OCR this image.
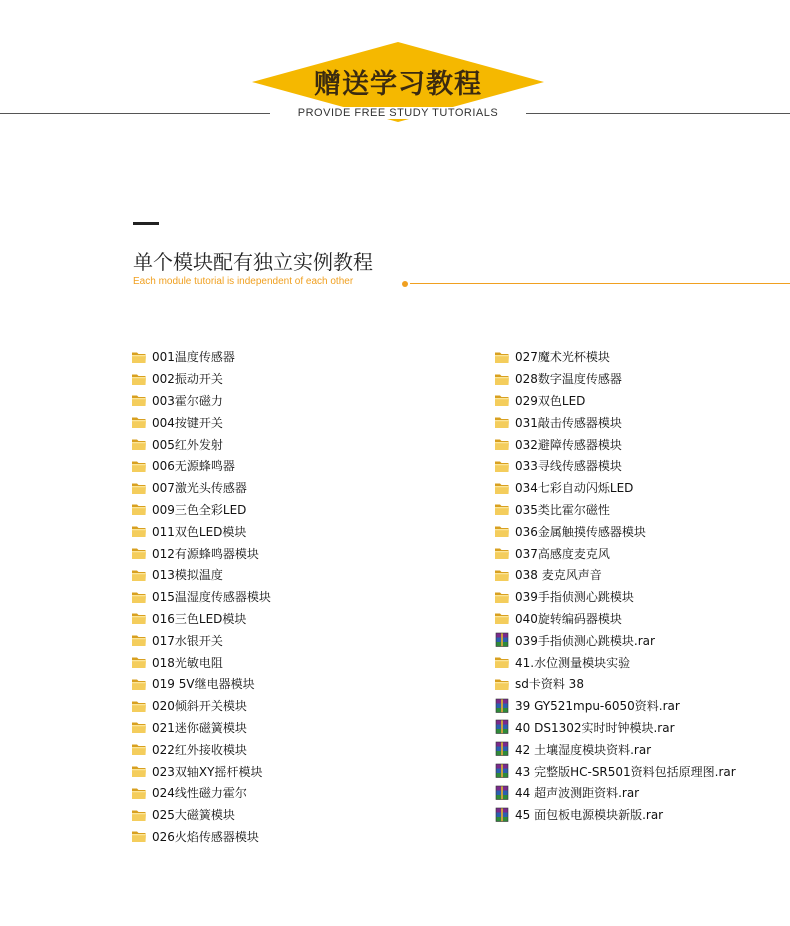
赠送学习教程
PROVIDE FREE STUDY TUTORIALS
单个模块配有独立实例教程
Each module tutorial is independent of each other
001温度传感器
002振动开关
003霍尔磁力
004按键开关
005红外发射
006无源蜂鸣器
007激光头传感器
009三色全彩LED
011双色LED模块
012有源蜂鸣器模块
013模拟温度
015温湿度传感器模块
016三色LED模块
017水银开关
018光敏电阻
019 5V继电器模块
020倾斜开关模块
021迷你磁簧模块
022红外接收模块
023双轴XY摇杆模块
024线性磁力霍尔
025大磁簧模块
026火焰传感器模块
027魔术光杯模块
028数字温度传感器
029双色LED
031敲击传感器模块
032避障传感器模块
033寻线传感器模块
034七彩自动闪烁LED
035类比霍尔磁性
036金属触摸传感器模块
037高感度麦克风
038 麦克风声音
039手指侦测心跳模块
040旋转编码器模块
039手指侦测心跳模块.rar
41.水位测量模块实验
sd卡资料 38
39 GY521mpu-6050资料.rar
40 DS1302实时时钟模块.rar
42 土壤湿度模块资料.rar
43 完整版HC-SR501资料包括原理图.rar
44 超声波测距资料.rar
45 面包板电源模块新版.rar
